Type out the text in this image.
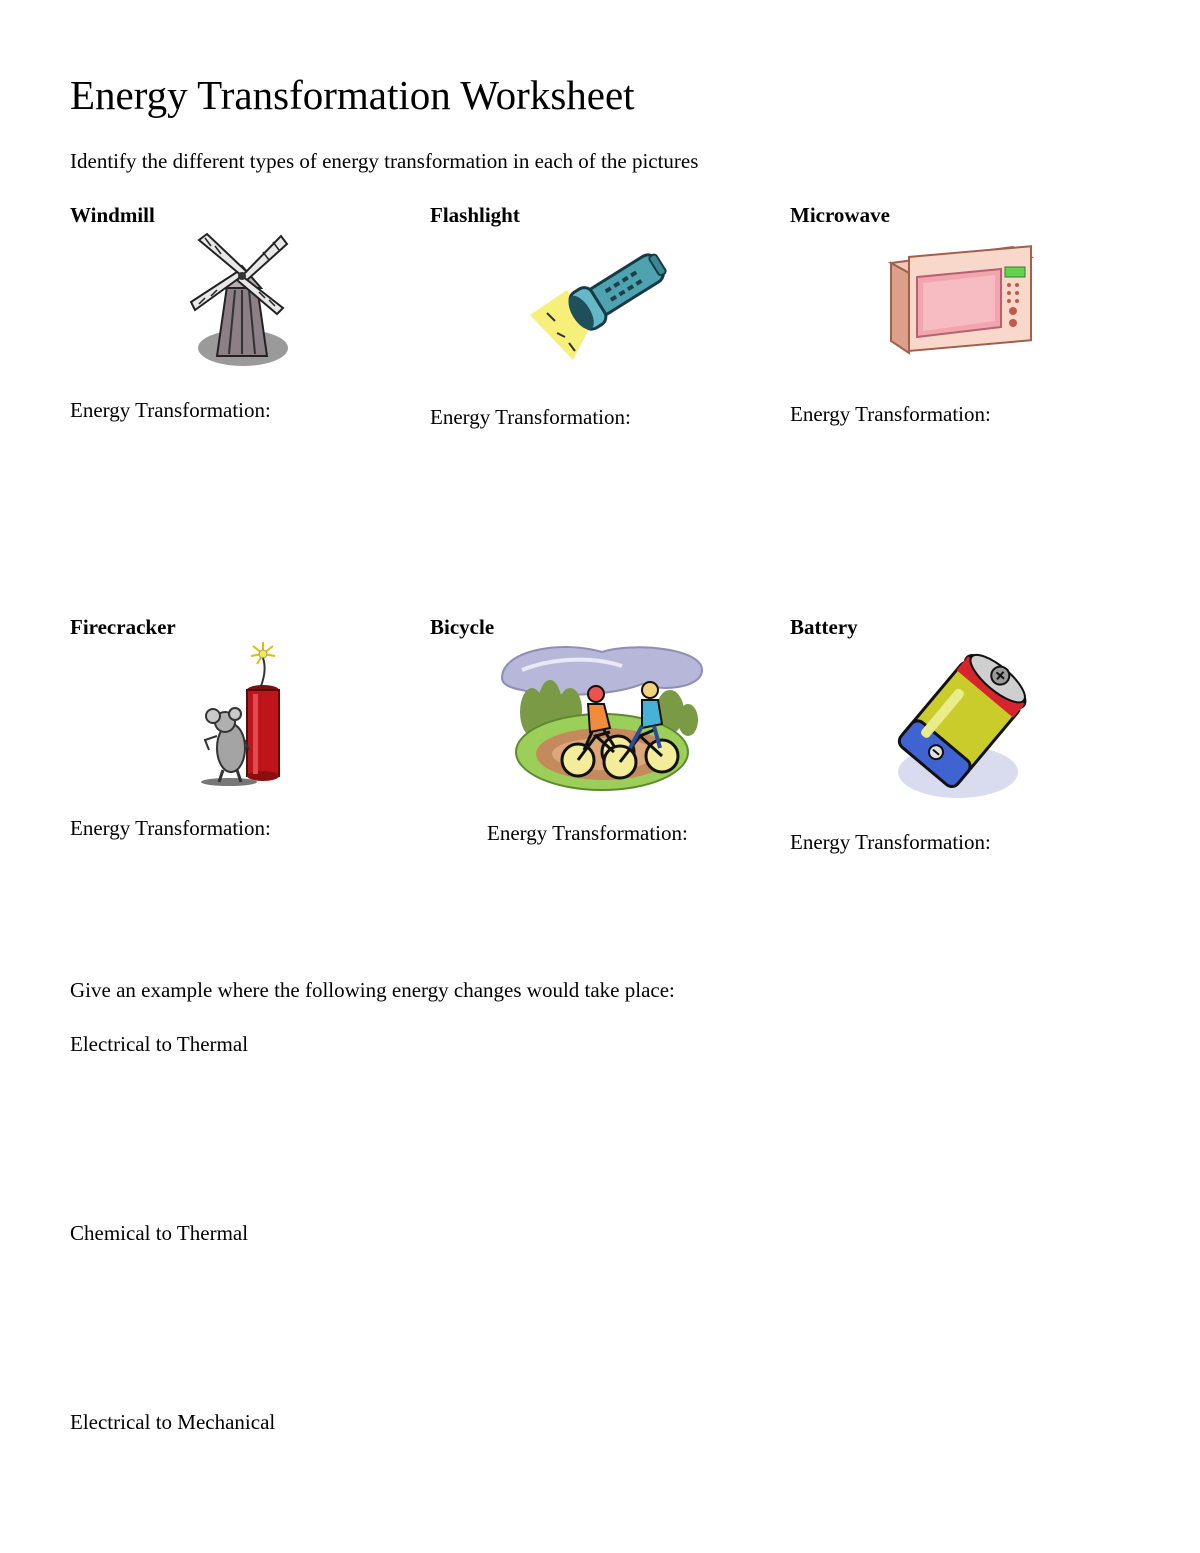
Energy Transformation Worksheet

Identify the different types of energy transformation in each of the pictures

Windmill	Flashlight	Microwave

Energy Transformation:	Energy Transformation:	Energy Transformation:

Firecracker	Bicycle	Battery

Energy Transformation:	Energy Transformation:	Energy Transformation:

Give an example where the following energy changes would take place:

Electrical to Thermal

Chemical to Thermal

Electrical to Mechanical
